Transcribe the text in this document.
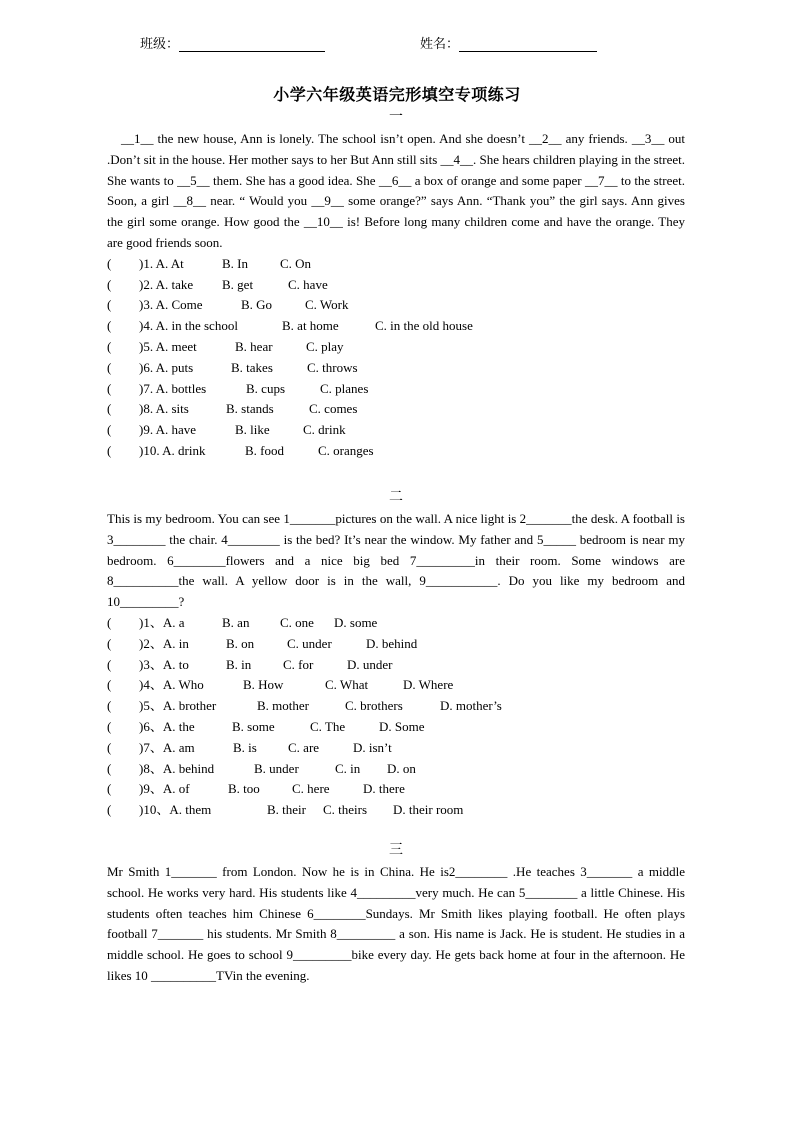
班级：	姓名：
小学六年级英语完形填空专项练习
一

__1__ the new house, Ann is lonely. The school isn’t open. And she doesn’t __2__ any friends. __3__ out .Don’t sit in the house. Her mother says to her But Ann still sits __4__. She hears children playing in the street. She wants to __5__ them. She has a good idea. She __6__ a box of orange and some paper __7__ to the street. Soon, a girl __8__ near. “ Would you __9__ some orange?” says Ann. “Thank you” the girl says. Ann gives the girl some orange. How good the __10__ is! Before long many children come and have the orange. They are good friends soon.

( )1. A. At	B. In C. On
( )2. A. take B. get	C. have
( )3. A. Come	B. Go	C. Work
( )4. A. in the school	B. at home	C. in the old house
( )5. A. meet	B. hear	C. play
( )6. A. puts	B. takes	C. throws
( )7. A. bottles	B. cups	C. planes
( )8. A. sits	B. stands	C. comes
( )9. A. have	B. like	C. drink
( )10. A. drink	B. food	C. oranges
二

This is my bedroom. You can see 1_______pictures on the wall. A nice light is 2_______the desk. A football is 3________ the chair. 4________ is the bed? It’s near the window. My father and 5_____ bedroom is near my bedroom. 6________flowers and a nice big bed 7_________in their room. Some windows are 8__________the wall. A yellow door is in the wall, 9___________. Do you like my bedroom and 10_________?

( )1、A. a	B. an C. one D. some
( )2、A. in	B. on	C. under	D. behind
( )3、A. to	B. in C. for	D. under
( )4、A. Who	B. How	C. What	D. Where
( )5、A. brother	B. mother	C. brothers	D. mother’s
( )6、A. the	B. some	C. The	D. Some
( )7、A. am	B. is C. are	D. isn’t
( )8、A. behind	B. under	C. in D. on
( )9、A. of	B. too C. here	D. there
( )10、A. them	B. their C. theirs D. their room
三

Mr Smith 1_______ from London. Now he is in China. He is2________ .He teaches 3_______ a middle school. He works very hard. His students like 4_________very much. He can 5________ a little Chinese. His students often teaches him Chinese 6________Sundays. Mr Smith likes playing football. He often plays football 7_______ his students. Mr Smith 8_________ a son. His name is Jack. He is student. He studies in a middle school. He goes to school 9_________bike every day. He gets back home at four in the afternoon. He likes 10 __________TVin the evening.
